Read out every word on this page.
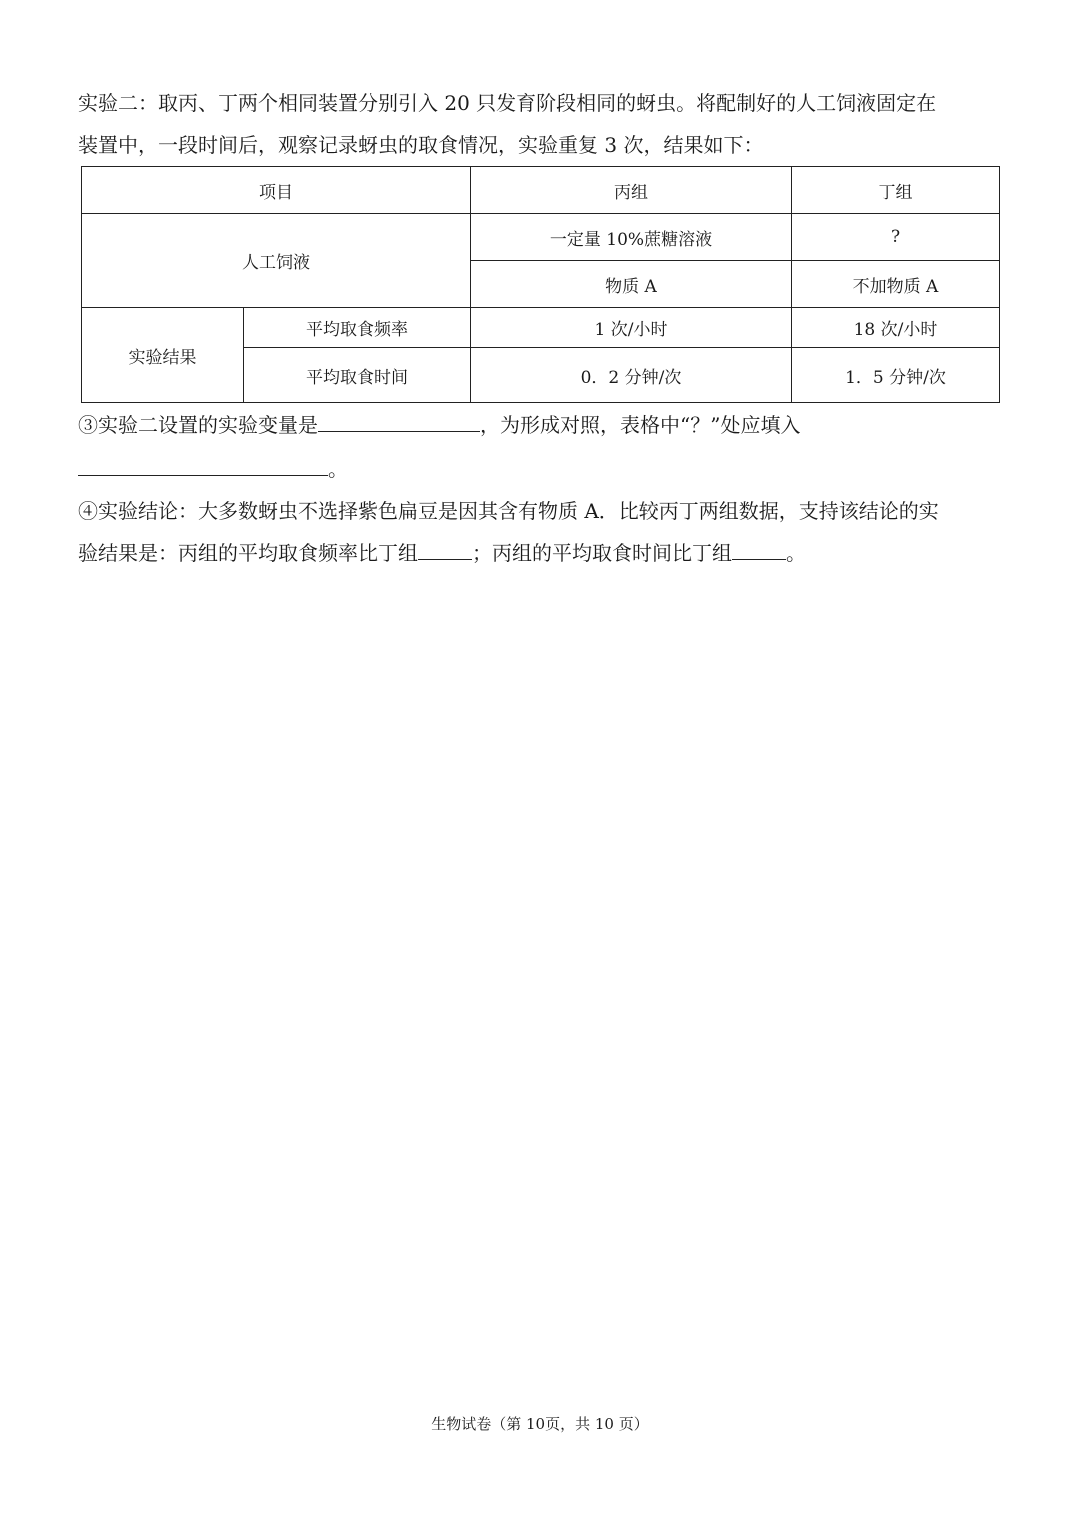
实验二：取丙、丁两个相同装置分别引入 20 只发育阶段相同的蚜虫。将配制好的人工饲液固定在

装置中，一段时间后，观察记录蚜虫的取食情况，实验重复 3 次，结果如下：

项目		丙组	丁组
人工饲液		一定量 10%蔗糖溶液	?
		物质 A	不加物质 A
实验结果	平均取食频率	1 次/小时	18 次/小时
	平均取食时间	0．2 分钟/次	1．5 分钟/次

③实验二设置的实验变量是	，为形成对照，表格中“？”处应填入

。

④实验结论：大多数蚜虫不选择紫色扁豆是因其含有物质 A．比较丙丁两组数据，支持该结论的实

验结果是：丙组的平均取食频率比丁组	；丙组的平均取食时间比丁组	。

生物试卷（第 10页，共 10 页）
